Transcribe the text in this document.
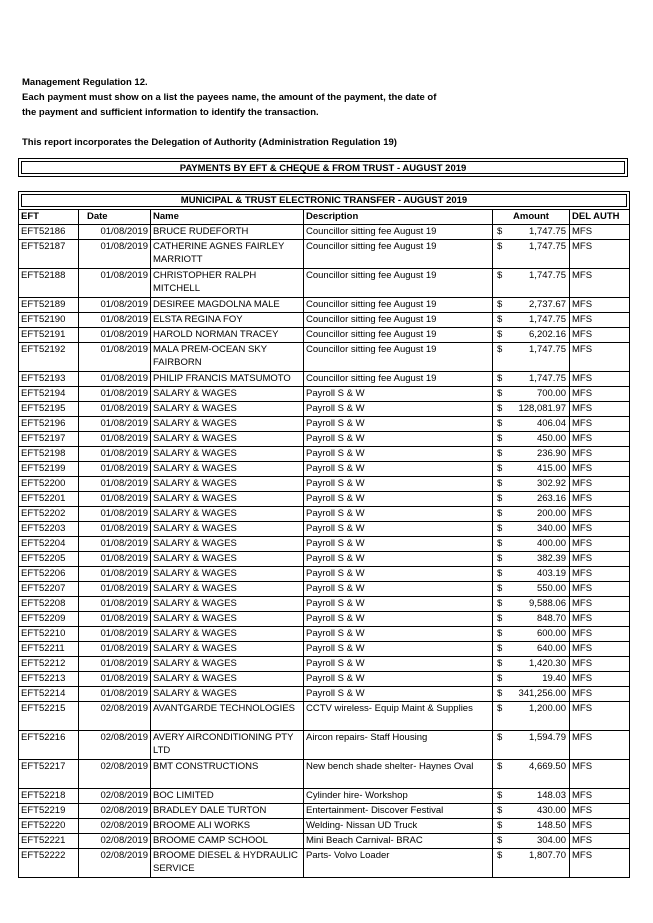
Management Regulation 12.
Each payment must show on a list the payees name, the amount of the payment, the date of
the payment and sufficient information to identify the transaction.
This report incorporates the Delegation of Authority (Administration Regulation 19)
PAYMENTS BY EFT & CHEQUE & FROM TRUST - AUGUST 2019
MUNICIPAL & TRUST ELECTRONIC TRANSFER - AUGUST 2019					

EFT	Date	Name	Description	Amount	DEL AUTH
EFT52186	01/08/2019	BRUCE RUDEFORTH	Councillor sitting fee August 19	$ 1,747.75	MFS
EFT52187	01/08/2019	CATHERINE AGNES FAIRLEY MARRIOTT	Councillor sitting fee August 19	$ 1,747.75	MFS
EFT52188	01/08/2019	CHRISTOPHER RALPH MITCHELL	Councillor sitting fee August 19	$ 1,747.75	MFS
EFT52189	01/08/2019	DESIREE MAGDOLNA MALE	Councillor sitting fee August 19	$ 2,737.67	MFS
EFT52190	01/08/2019	ELSTA REGINA FOY	Councillor sitting fee August 19	$ 1,747.75	MFS
EFT52191	01/08/2019	HAROLD NORMAN TRACEY	Councillor sitting fee August 19	$ 6,202.16	MFS
EFT52192	01/08/2019	MALA PREM-OCEAN SKY FAIRBORN	Councillor sitting fee August 19	$ 1,747.75	MFS
EFT52193	01/08/2019	PHILIP FRANCIS MATSUMOTO	Councillor sitting fee August 19	$ 1,747.75	MFS
EFT52194	01/08/2019	SALARY & WAGES	Payroll S & W	$ 700.00	MFS
EFT52195	01/08/2019	SALARY & WAGES	Payroll S & W	$ 128,081.97	MFS
EFT52196	01/08/2019	SALARY & WAGES	Payroll S & W	$ 406.04	MFS
EFT52197	01/08/2019	SALARY & WAGES	Payroll S & W	$ 450.00	MFS
EFT52198	01/08/2019	SALARY & WAGES	Payroll S & W	$ 236.90	MFS
EFT52199	01/08/2019	SALARY & WAGES	Payroll S & W	$ 415.00	MFS
EFT52200	01/08/2019	SALARY & WAGES	Payroll S & W	$ 302.92	MFS
EFT52201	01/08/2019	SALARY & WAGES	Payroll S & W	$ 263.16	MFS
EFT52202	01/08/2019	SALARY & WAGES	Payroll S & W	$ 200.00	MFS
EFT52203	01/08/2019	SALARY & WAGES	Payroll S & W	$ 340.00	MFS
EFT52204	01/08/2019	SALARY & WAGES	Payroll S & W	$ 400.00	MFS
EFT52205	01/08/2019	SALARY & WAGES	Payroll S & W	$ 382.39	MFS
EFT52206	01/08/2019	SALARY & WAGES	Payroll S & W	$ 403.19	MFS
EFT52207	01/08/2019	SALARY & WAGES	Payroll S & W	$ 550.00	MFS
EFT52208	01/08/2019	SALARY & WAGES	Payroll S & W	$ 9,588.06	MFS
EFT52209	01/08/2019	SALARY & WAGES	Payroll S & W	$ 848.70	MFS
EFT52210	01/08/2019	SALARY & WAGES	Payroll S & W	$ 600.00	MFS
EFT52211	01/08/2019	SALARY & WAGES	Payroll S & W	$ 640.00	MFS
EFT52212	01/08/2019	SALARY & WAGES	Payroll S & W	$ 1,420.30	MFS
EFT52213	01/08/2019	SALARY & WAGES	Payroll S & W	$ 19.40	MFS
EFT52214	01/08/2019	SALARY & WAGES	Payroll S & W	$ 341,256.00	MFS
EFT52215	02/08/2019	AVANTGARDE TECHNOLOGIES	CCTV wireless- Equip Maint & Supplies	$ 1,200.00	MFS
EFT52216	02/08/2019	AVERY AIRCONDITIONING PTY LTD	Aircon repairs- Staff Housing	$ 1,594.79	MFS
EFT52217	02/08/2019	BMT CONSTRUCTIONS	New bench shade shelter- Haynes Oval	$ 4,669.50	MFS
EFT52218	02/08/2019	BOC LIMITED	Cylinder hire- Workshop	$ 148.03	MFS
EFT52219	02/08/2019	BRADLEY DALE TURTON	Entertainment- Discover Festival	$ 430.00	MFS
EFT52220	02/08/2019	BROOME ALI WORKS	Welding- Nissan UD Truck	$ 148.50	MFS
EFT52221	02/08/2019	BROOME CAMP SCHOOL	Mini Beach Carnival- BRAC	$ 304.00	MFS
EFT52222	02/08/2019	BROOME DIESEL & HYDRAULIC SERVICE	Parts- Volvo Loader	$ 1,807.70	MFS
